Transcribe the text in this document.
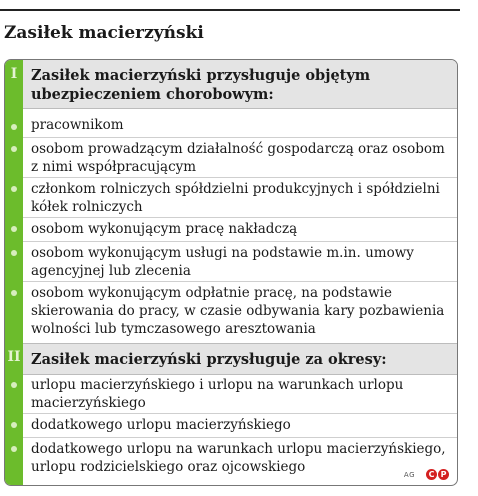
Zasiłek macierzyński
I Zasiłek macierzyński przysługuje objętym ubezpieczeniem chorobowym:
pracownikom
osobom prowadzącym działalność gospodarczą oraz osobom z nimi współpracującym
członkom rolniczych spółdzielni produkcyjnych i spółdzielni kółek rolniczych
osobom wykonującym pracę nakładczą
osobom wykonującym usługi na podstawie m.in. umowy agencyjnej lub zlecenia
osobom wykonującym odpłatnie pracę, na podstawie skierowania do pracy, w czasie odbywania kary pozbawienia wolności lub tymczasowego aresztowania
II Zasiłek macierzyński przysługuje za okresy:
urlopu macierzyńskiego i urlopu na warunkach urlopu macierzyńskiego
dodatkowego urlopu macierzyńskiego
dodatkowego urlopu na warunkach urlopu macierzyńskiego, urlopu rodzicielskiego oraz ojcowskiego	AG	C P
